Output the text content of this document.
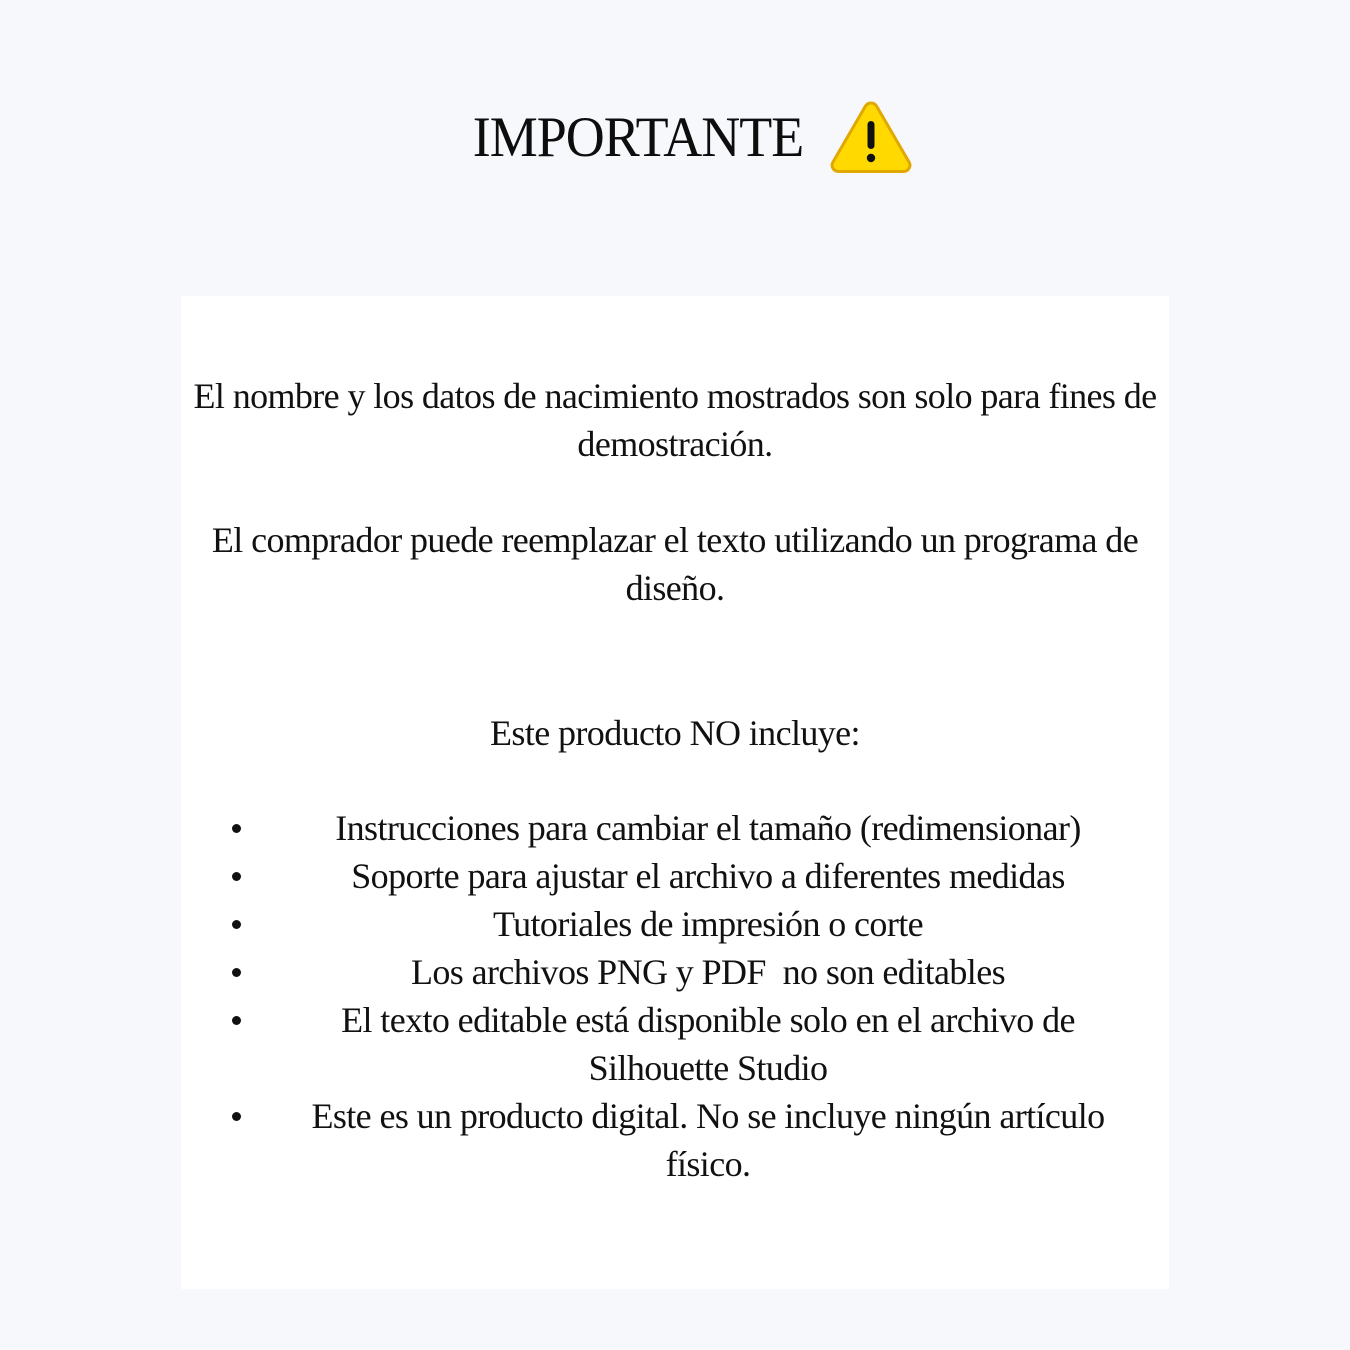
IMPORTANTE
El nombre y los datos de nacimiento mostrados son solo para fines de demostración.
El comprador puede reemplazar el texto utilizando un programa de diseño.
Este producto NO incluye:
Instrucciones para cambiar el tamaño (redimensionar)
Soporte para ajustar el archivo a diferentes medidas
Tutoriales de impresión o corte
Los archivos PNG y PDF  no son editables
El texto editable está disponible solo en el archivo de Silhouette Studio
Este es un producto digital. No se incluye ningún artículo físico.
